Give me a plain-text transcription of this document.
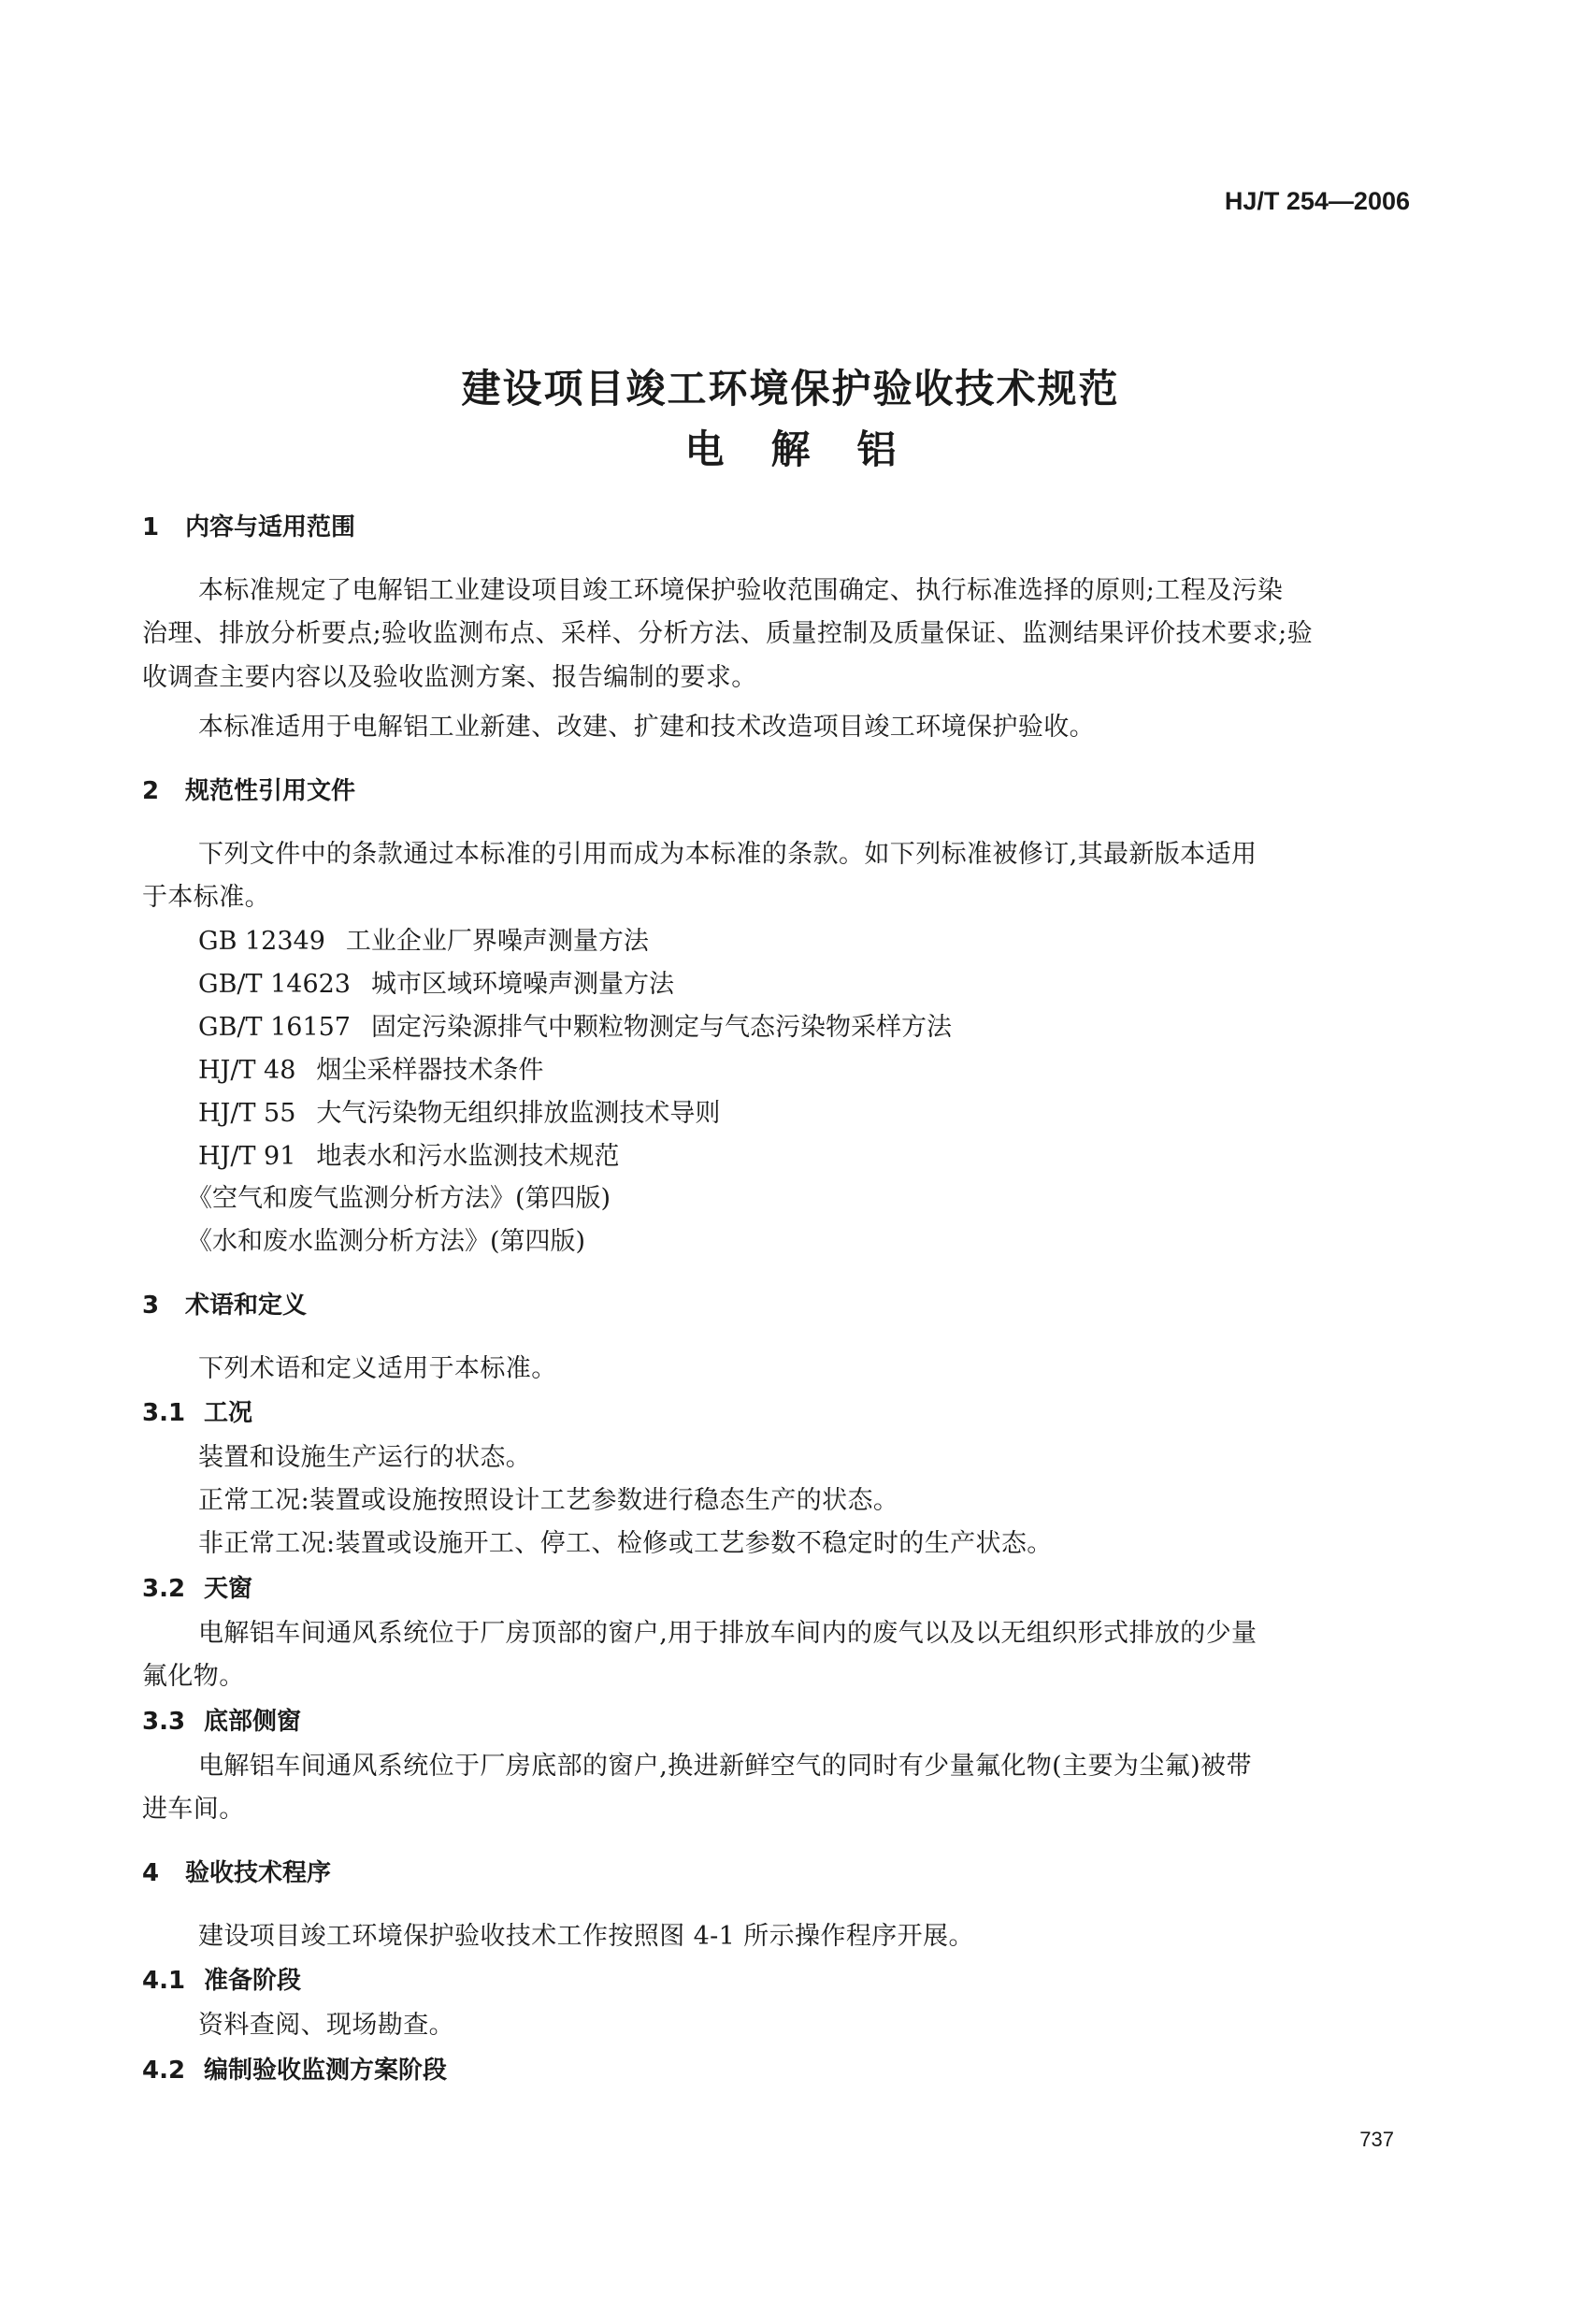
HJ/T 254—2006
建设项目竣工环境保护验收技术规范
电解铝
1 内容与适用范围
本标准规定了电解铝工业建设项目竣工环境保护验收范围确定、执行标准选择的原则;工程及污染
治理、排放分析要点;验收监测布点、采样、分析方法、质量控制及质量保证、监测结果评价技术要求;验
收调查主要内容以及验收监测方案、报告编制的要求。
本标准适用于电解铝工业新建、改建、扩建和技术改造项目竣工环境保护验收。
2 规范性引用文件
下列文件中的条款通过本标准的引用而成为本标准的条款。如下列标准被修订,其最新版本适用
于本标准。
GB 12349 工业企业厂界噪声测量方法
GB/T 14623 城市区域环境噪声测量方法
GB/T 16157 固定污染源排气中颗粒物测定与气态污染物采样方法
HJ/T 48 烟尘采样器技术条件
HJ/T 55 大气污染物无组织排放监测技术导则
HJ/T 91 地表水和污水监测技术规范
《空气和废气监测分析方法》(第四版)
《水和废水监测分析方法》(第四版)
3 术语和定义
下列术语和定义适用于本标准。
3.1 工况
装置和设施生产运行的状态。
正常工况:装置或设施按照设计工艺参数进行稳态生产的状态。
非正常工况:装置或设施开工、停工、检修或工艺参数不稳定时的生产状态。
3.2 天窗
电解铝车间通风系统位于厂房顶部的窗户,用于排放车间内的废气以及以无组织形式排放的少量
氟化物。
3.3 底部侧窗
电解铝车间通风系统位于厂房底部的窗户,换进新鲜空气的同时有少量氟化物(主要为尘氟)被带
进车间。
4 验收技术程序
建设项目竣工环境保护验收技术工作按照图 4-1 所示操作程序开展。
4.1 准备阶段
资料查阅、现场勘查。
4.2 编制验收监测方案阶段
737
